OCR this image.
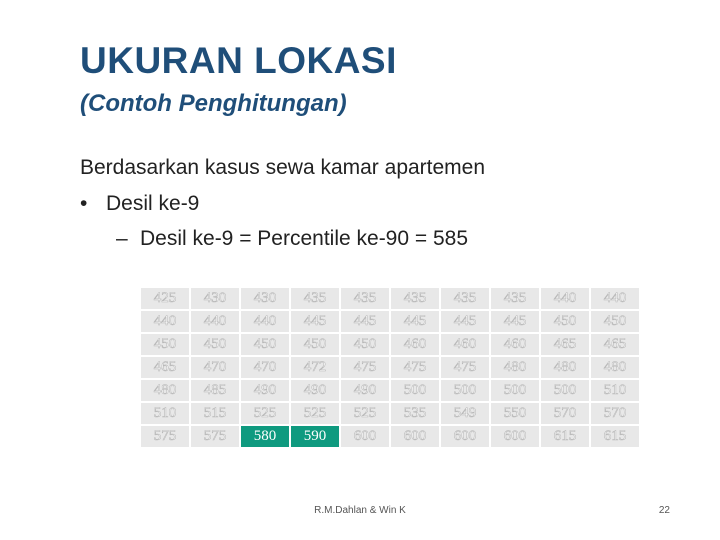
UKURAN LOKASI
(Contoh Penghitungan)
Berdasarkan kasus sewa kamar apartemen
• Desil ke-9
– Desil ke-9 = Percentile ke-90 = 585
425	430	430	435	435	435	435	435	440	440
440	440	440	445	445	445	445	445	450	450
450	450	450	450	450	460	460	460	465	465
465	470	470	472	475	475	475	480	480	480
480	485	490	490	490	500	500	500	500	510
510	515	525	525	525	535	549	550	570	570
575	575	580	590	600	600	600	600	615	615
R.M.Dahlan & Win K	22
